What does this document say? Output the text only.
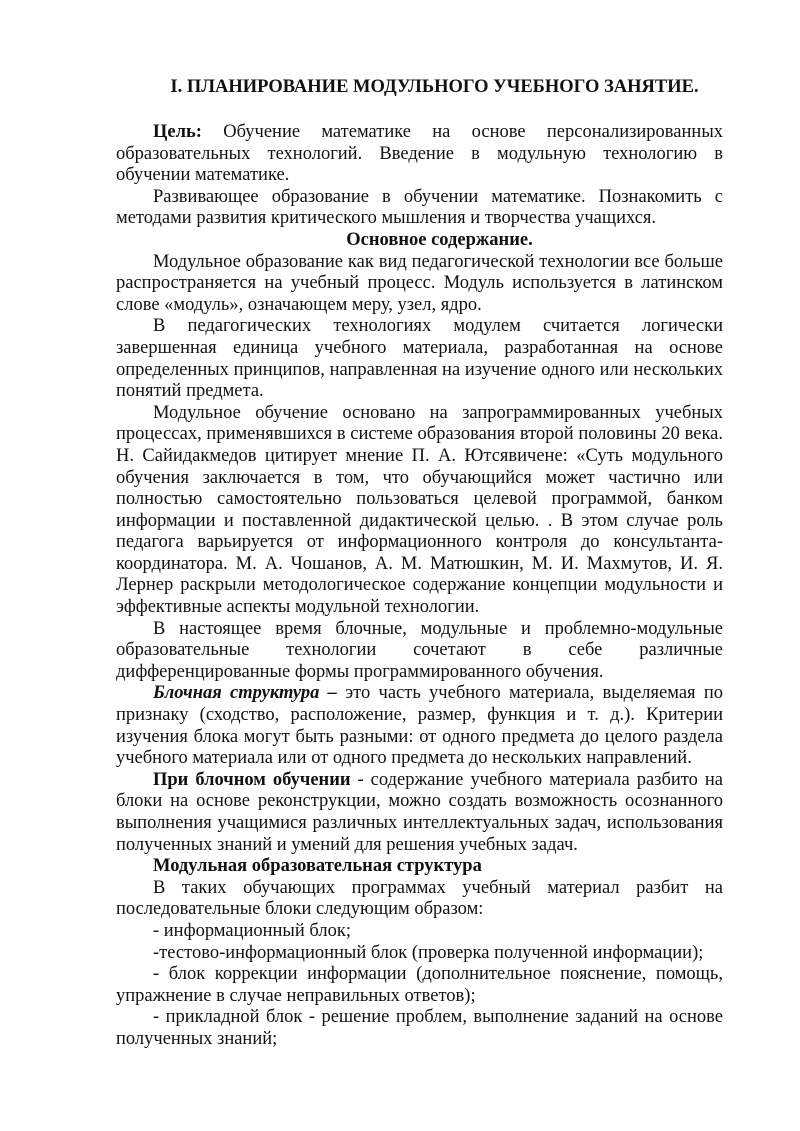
I. ПЛАНИРОВАНИЕ МОДУЛЬНОГО УЧЕБНОГО ЗАНЯТИЕ.

Цель: Обучение математике на основе персонализированных образовательных технологий. Введение в модульную технологию в обучении математике.

Развивающее образование в обучении математике. Познакомить с методами развития критического мышления и творчества учащихся.

Основное содержание.

Модульное образование как вид педагогической технологии все больше распространяется на учебный процесс. Модуль используется в латинском слове «модуль», означающем меру, узел, ядро.

В педагогических технологиях модулем считается логически завершенная единица учебного материала, разработанная на основе определенных принципов, направленная на изучение одного или нескольких понятий предмета.

Модульное обучение основано на запрограммированных учебных процессах, применявшихся в системе образования второй половины 20 века. Н. Сайидакмедов цитирует мнение П. А. Ютсявичене: «Суть модульного обучения заключается в том, что обучающийся может частично или полностью самостоятельно пользоваться целевой программой, банком информации и поставленной дидактической целью. . В этом случае роль педагога варьируется от информационного контроля до консультанта-координатора. М. А. Чошанов, А. М. Матюшкин, М. И. Махмутов, И. Я. Лернер раскрыли методологическое содержание концепции модульности и эффективные аспекты модульной технологии.

В настоящее время блочные, модульные и проблемно-модульные образовательные технологии сочетают в себе различные дифференцированные формы программированного обучения.

Блочная структура – это часть учебного материала, выделяемая по признаку (сходство, расположение, размер, функция и т. д.). Критерии изучения блока могут быть разными: от одного предмета до целого раздела учебного материала или от одного предмета до нескольких направлений.

При блочном обучении - содержание учебного материала разбито на блоки на основе реконструкции, можно создать возможность осознанного выполнения учащимися различных интеллектуальных задач, использования полученных знаний и умений для решения учебных задач.

Модульная образовательная структура

В таких обучающих программах учебный материал разбит на последовательные блоки следующим образом:

- информационный блок;

-тестово-информационный блок (проверка полученной информации);

- блок коррекции информации (дополнительное пояснение, помощь, упражнение в случае неправильных ответов);

- прикладной блок - решение проблем, выполнение заданий на основе полученных знаний;
